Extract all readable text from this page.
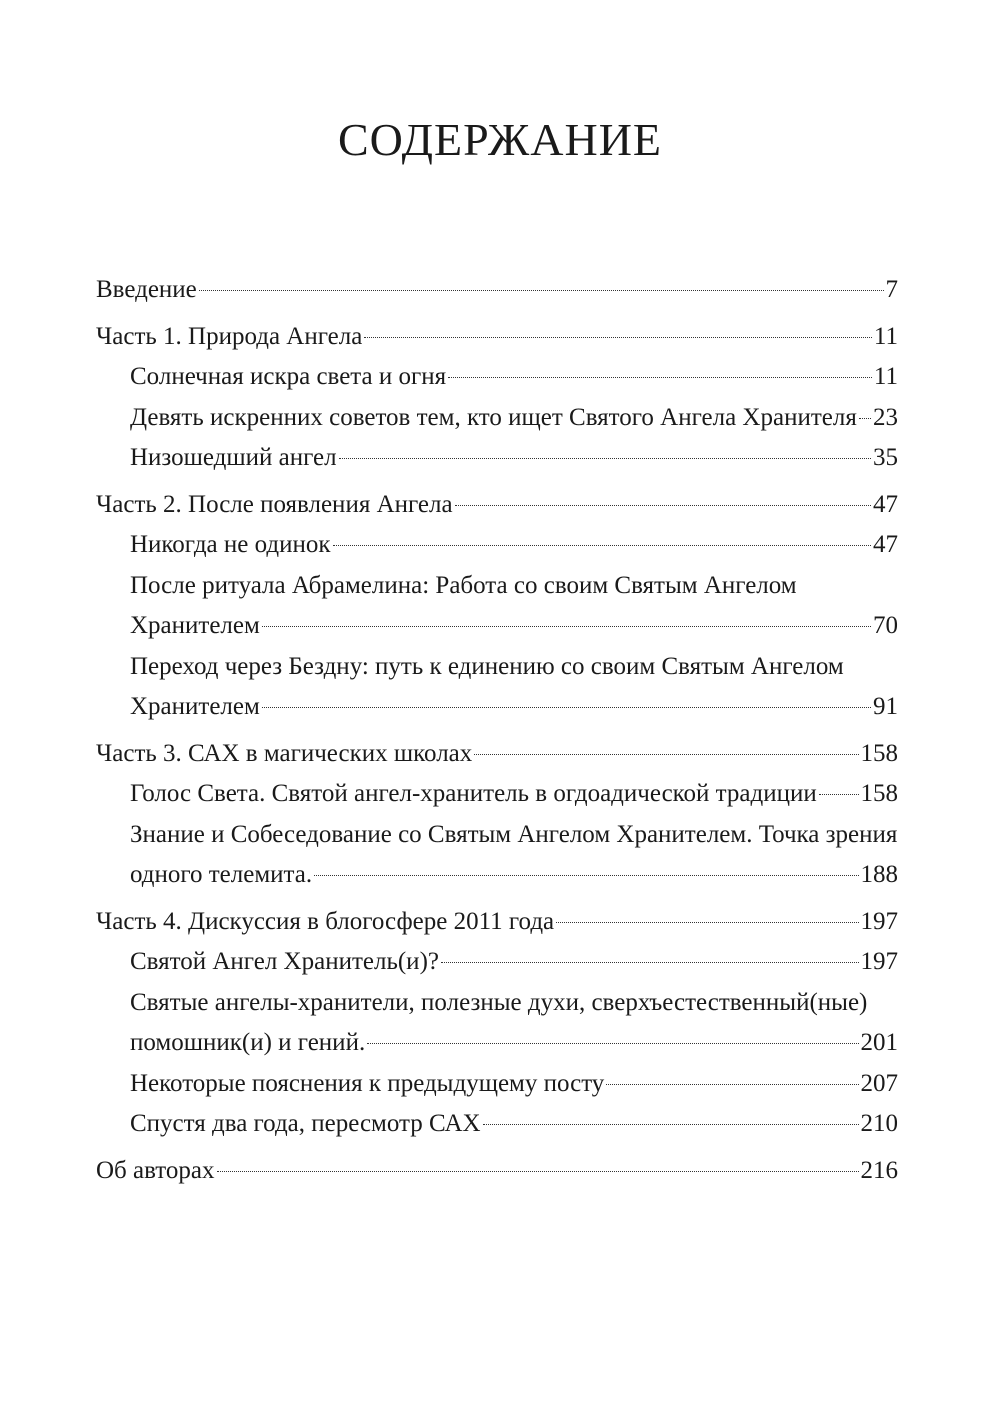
СОДЕРЖАНИЕ
Введение	7
Часть 1. Природа Ангела	11
Солнечная искра света и огня	11
Девять искренних советов тем, кто ищет Святого Ангела Хранителя 23
Низошедший ангел	35
Часть 2. После появления Ангела	47
Никогда не одинок	47
После ритуала Абрамелина: Работа со своим Святым Ангелом
Хранителем	70
Переход через Бездну: путь к единению со своим Святым Ангелом
Хранителем	91
Часть 3. САХ в магических школах	158
Голос Света. Святой ангел-хранитель в огдоадической традиции 158
Знание и Собеседование со Святым Ангелом Хранителем. Точка зрения
одного телемита.	188
Часть 4. Дискуссия в блогосфере 2011 года	197
Святой Ангел Хранитель(и)?	197
Святые ангелы-хранители, полезные духи, сверхъестественный(ные)
помошник(и) и гений.	201
Некоторые пояснения к предыдущему посту	207
Спустя два года, пересмотр САХ	210
Об авторах	216
